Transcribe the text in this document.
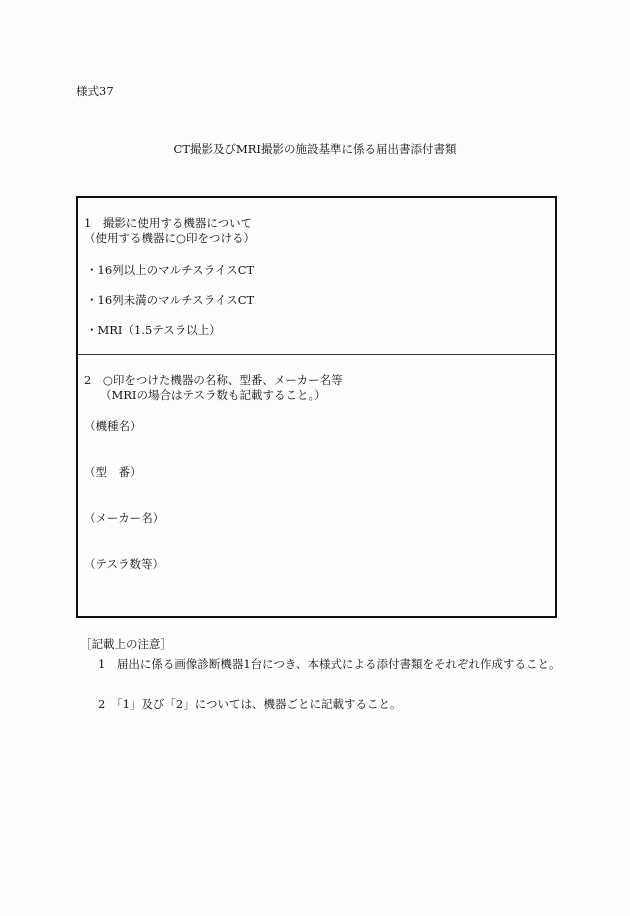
様式37
CT撮影及びMRI撮影の施設基準に係る届出書添付書類
1　撮影に使用する機器について
（使用する機器に○印をつける）
・16列以上のマルチスライスCT
・16列未満のマルチスライスCT
・MRI（1.5テスラ以上）
2　○印をつけた機器の名称、型番、メーカー名等
（MRIの場合はテスラ数も記載すること。）
（機種名）
（型　番）
（メーカー名）
（テスラ数等）
［記載上の注意］
1　届出に係る画像診断機器1台につき、本様式による添付書類をそれぞれ作成すること。
2　「1」及び「2」については、機器ごとに記載すること。
